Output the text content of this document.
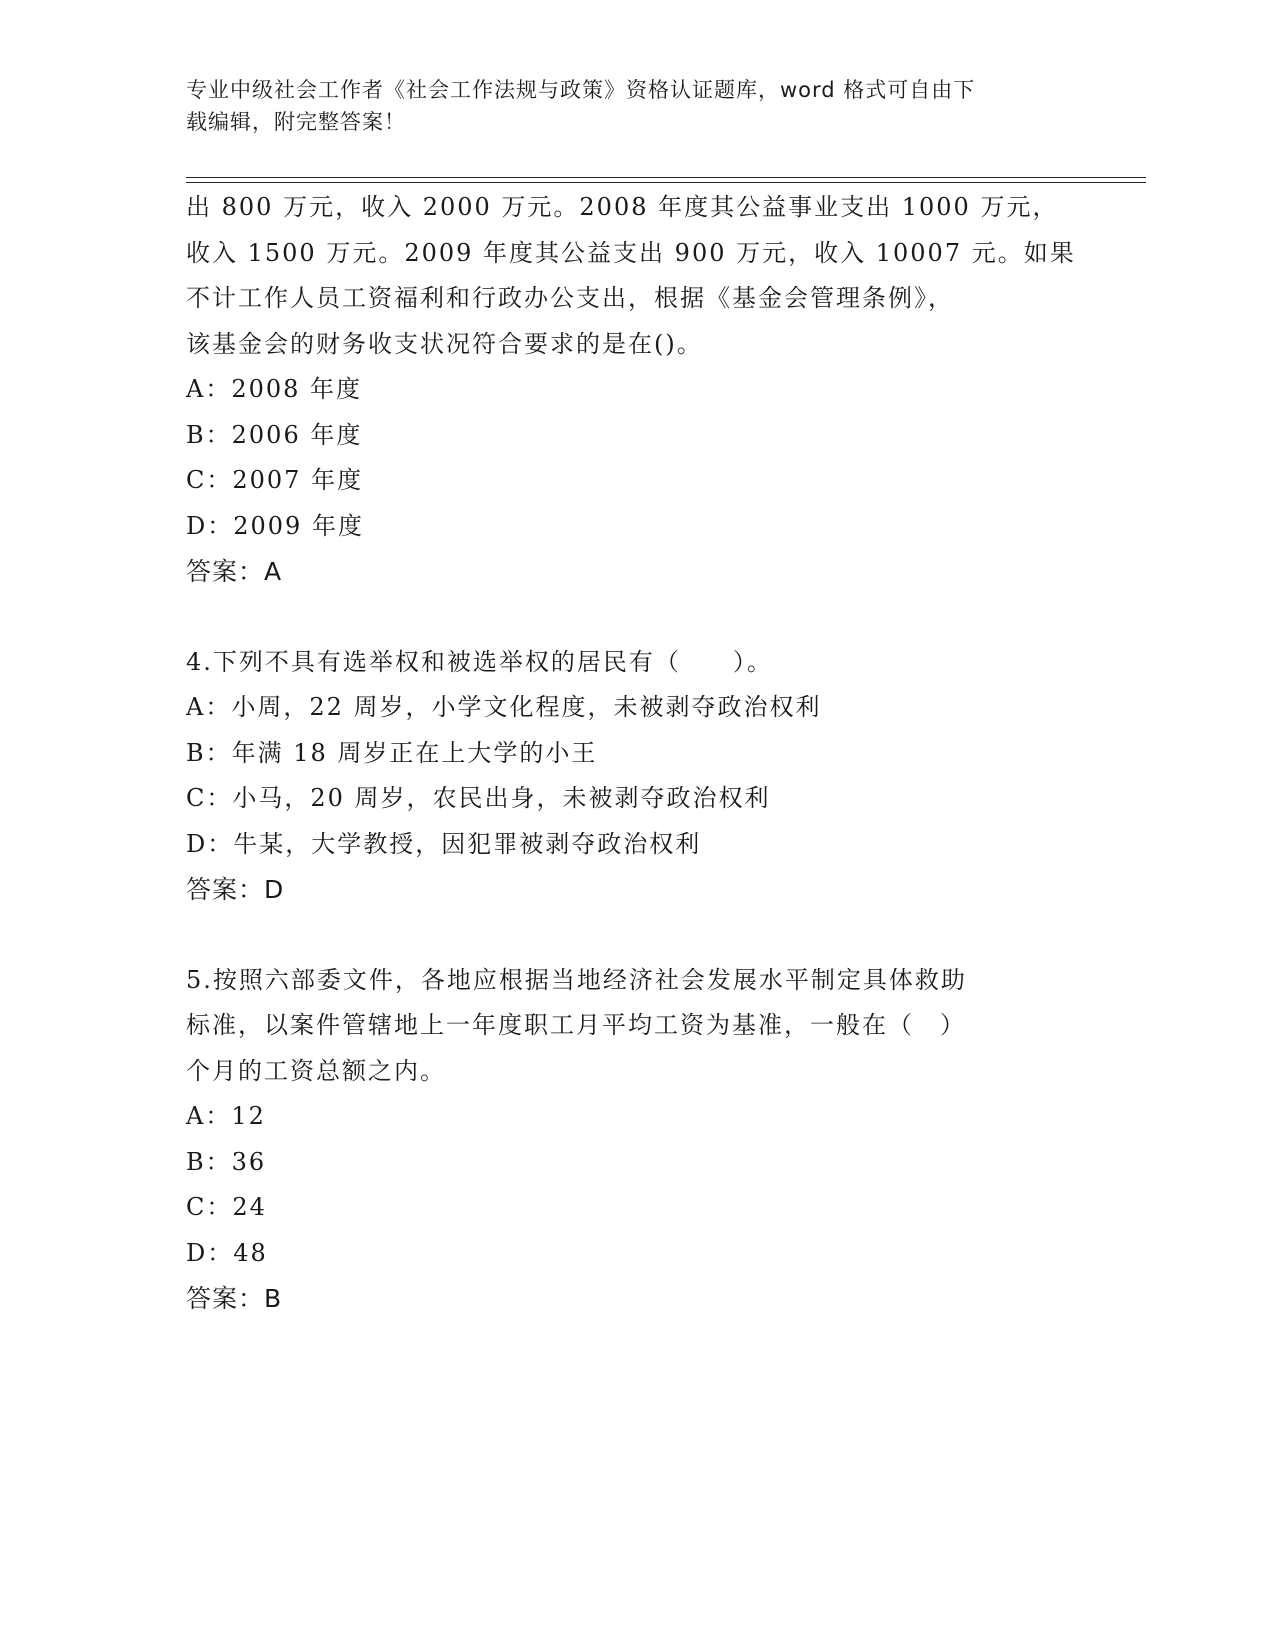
专业中级社会工作者《社会工作法规与政策》资格认证题库，word 格式可自由下
载编辑，附完整答案！
出 800 万元，收入 2000 万元。2008 年度其公益事业支出 1000 万元，
收入 1500 万元。2009 年度其公益支出 900 万元，收入 10007 元。如果
不计工作人员工资福利和行政办公支出，根据《基金会管理条例》，
该基金会的财务收支状况符合要求的是在()。
A：2008 年度
B：2006 年度
C：2007 年度
D：2009 年度
答案：A
4.下列不具有选举权和被选举权的居民有（　　）。
A：小周，22 周岁，小学文化程度，未被剥夺政治权利
B：年满 18 周岁正在上大学的小王
C：小马，20 周岁，农民出身，未被剥夺政治权利
D：牛某，大学教授，因犯罪被剥夺政治权利
答案：D
5.按照六部委文件，各地应根据当地经济社会发展水平制定具体救助
标准，以案件管辖地上一年度职工月平均工资为基准，一般在（　）
个月的工资总额之内。
A：12
B：36
C：24
D：48
答案：B
